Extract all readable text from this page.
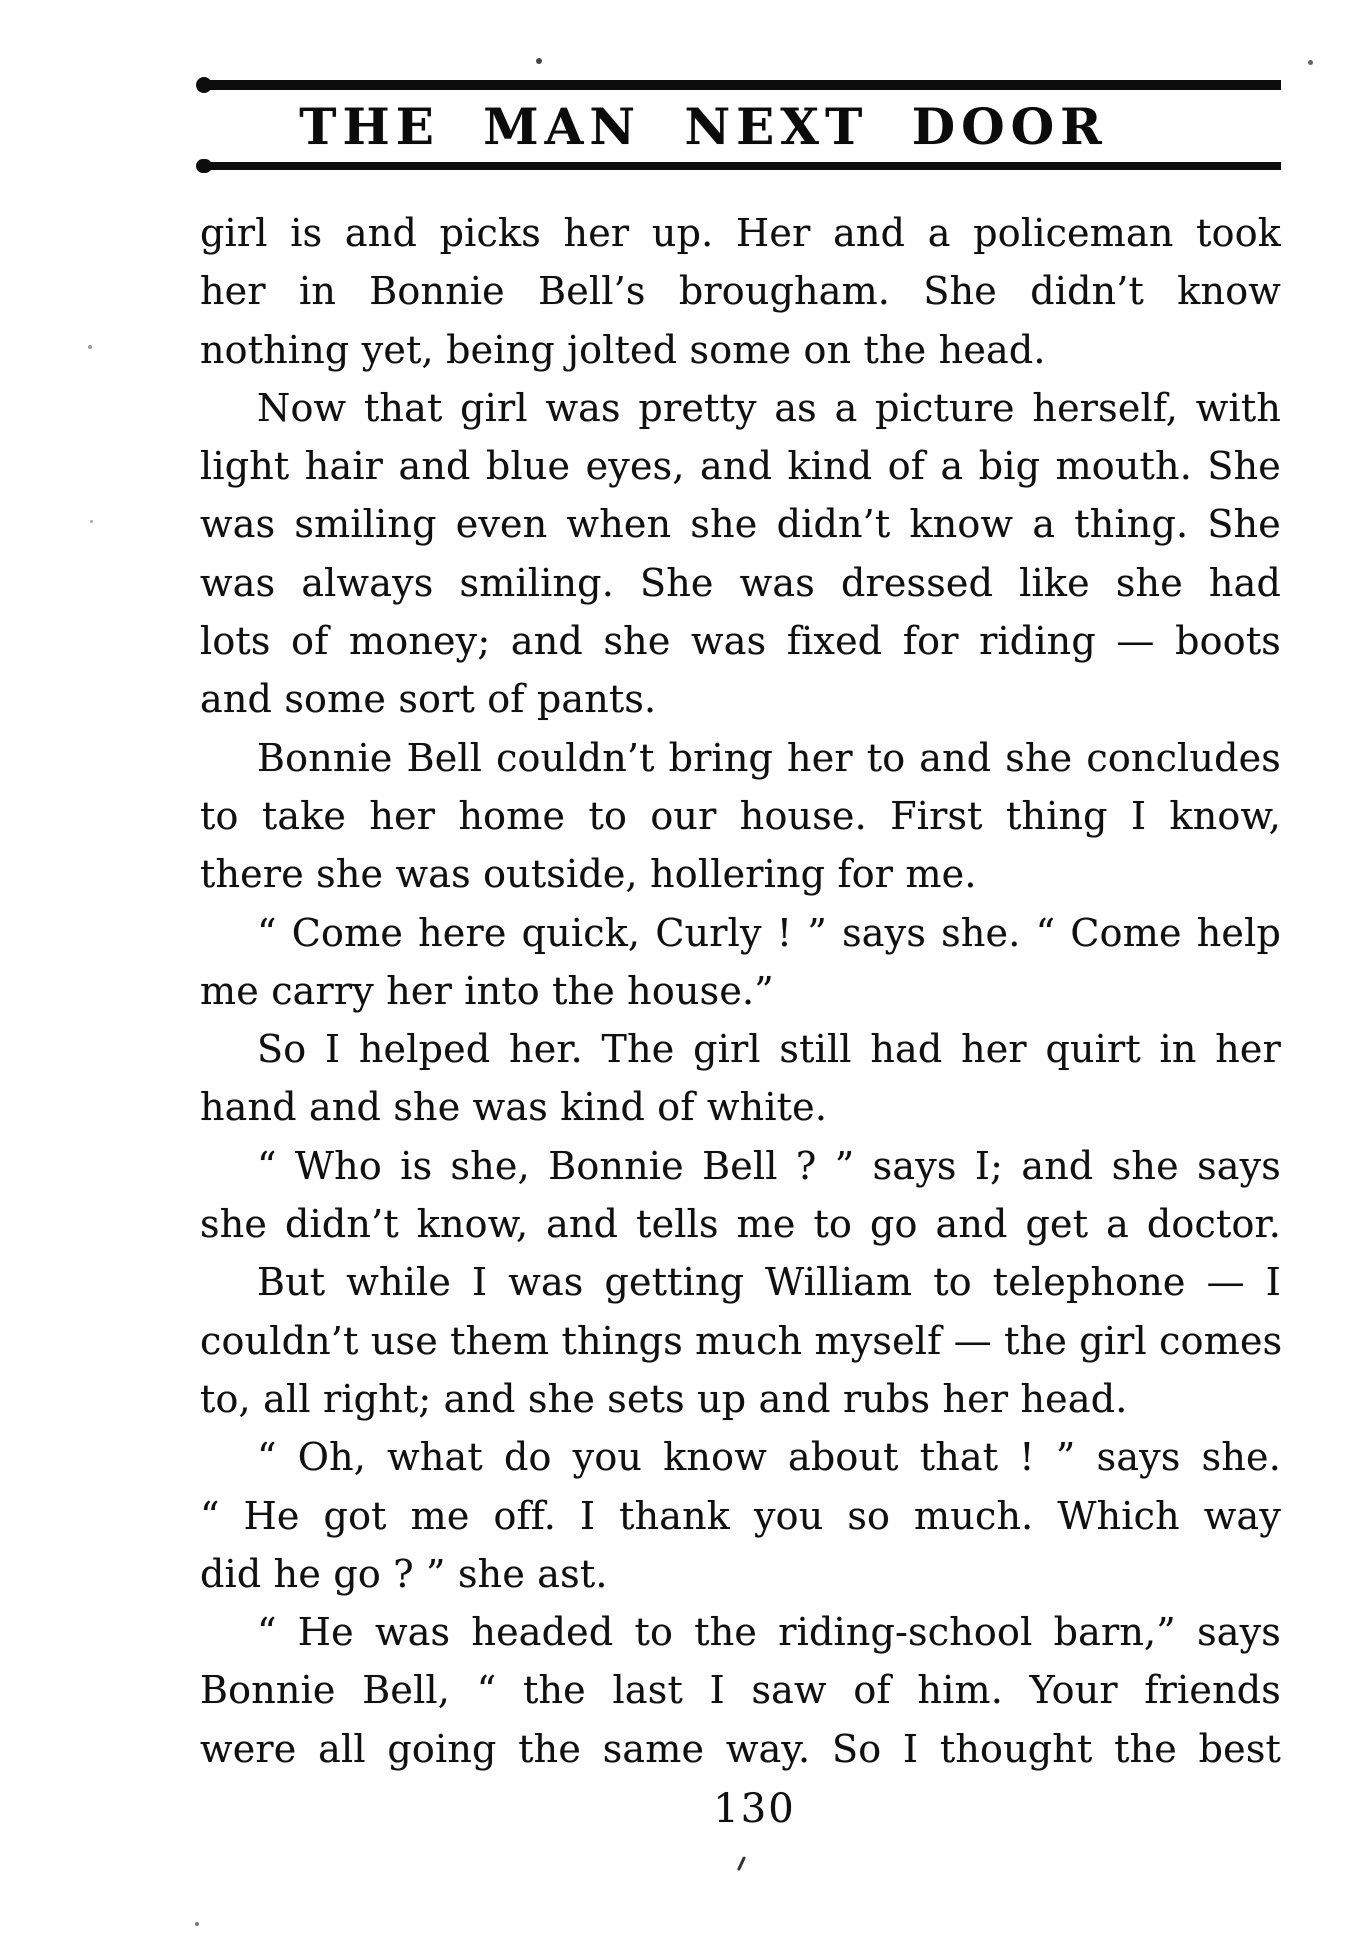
THE MAN NEXT DOOR
girl is and picks her up. Her and a policeman took
her in Bonnie Bell’s brougham. She didn’t know
nothing yet, being jolted some on the head.
Now that girl was pretty as a picture herself, with
light hair and blue eyes, and kind of a big mouth. She
was smiling even when she didn’t know a thing. She
was always smiling. She was dressed like she had
lots of money; and she was fixed for riding — boots
and some sort of pants.
Bonnie Bell couldn’t bring her to and she concludes
to take her home to our house. First thing I know,
there she was outside, hollering for me.
“ Come here quick, Curly ! ” says she. “ Come help
me carry her into the house.”
So I helped her. The girl still had her quirt in her
hand and she was kind of white.
“ Who is she, Bonnie Bell ? ” says I; and she says
she didn’t know, and tells me to go and get a doctor.
But while I was getting William to telephone — I
couldn’t use them things much myself — the girl comes
to, all right; and she sets up and rubs her head.
“ Oh, what do you know about that ! ” says she.
“ He got me off. I thank you so much. Which way
did he go ? ” she ast.
“ He was headed to the riding-school barn,” says
Bonnie Bell, “ the last I saw of him. Your friends
were all going the same way. So I thought the best
130
